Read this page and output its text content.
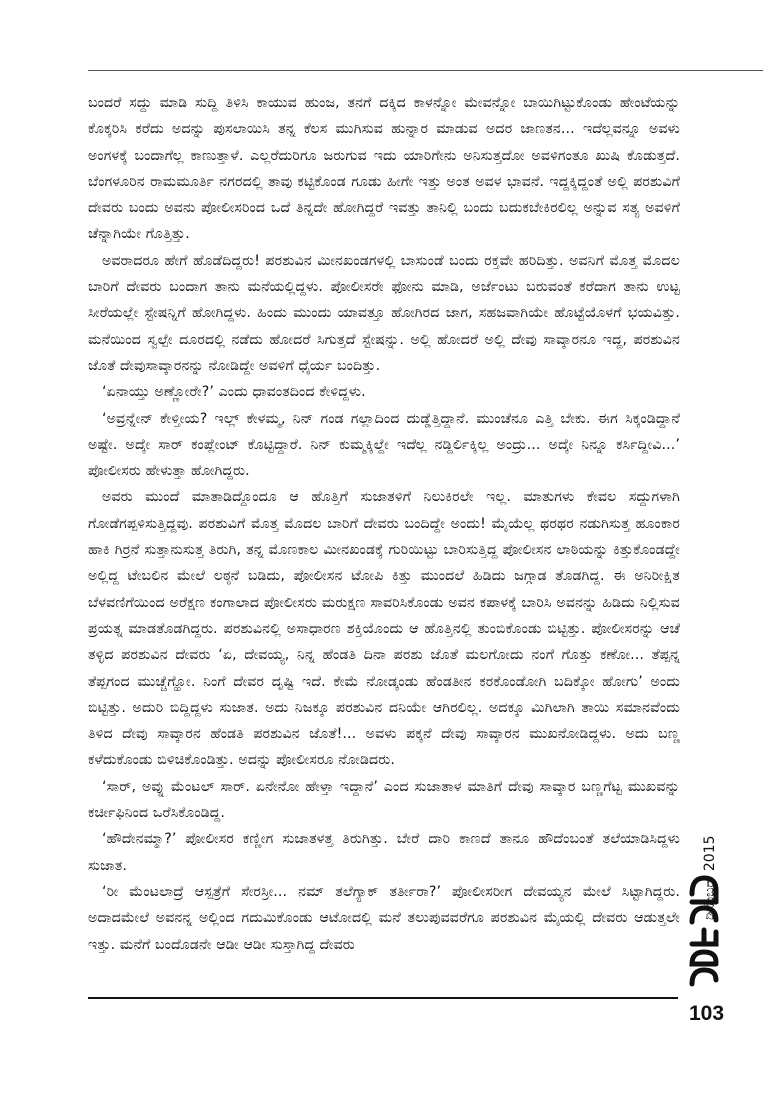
ಬಂದರೆ ಸದ್ದು ಮಾಡಿ ಸುದ್ದಿ ತಿಳಿಸಿ ಕಾಯುವ ಹುಂಜ, ತನಗೆ ದಕ್ಕಿದ ಕಾಳನ್ನೋ ಮೇವನ್ನೋ ಬಾಯಿಗಿಟ್ಟುಕೊಂಡು ಹೇಂಟೆಯನ್ನು ಕೊಕ್ಕರಿಸಿ ಕರೆದು ಅದನ್ನು ಪುಸಲಾಯಿಸಿ ತನ್ನ ಕೆಲಸ ಮುಗಿಸುವ ಹುನ್ನಾರ ಮಾಡುವ ಅದರ ಜಾಣತನ... ಇದೆಲ್ಲವನ್ನೂ ಅವಳು ಅಂಗಳಕ್ಕೆ ಬಂದಾಗೆಲ್ಲ ಕಾಣುತ್ತಾಳೆ. ಎಲ್ಲರೆದುರಿಗೂ ಜರುಗುವ ಇದು ಯಾರಿಗೇನು ಅನಿಸುತ್ತದೋ ಅವಳಿಗಂತೂ ಖುಷಿ ಕೊಡುತ್ತದೆ. ಬೆಂಗಳೂರಿನ ರಾಮಮೂರ್ತಿ ನಗರದಲ್ಲಿ ತಾವು ಕಟ್ಟಿಕೊಂಡ ಗೂಡು ಹೀಗೇ ಇತ್ತು ಅಂತ ಅವಳ ಭಾವನೆ. ಇದ್ದಕ್ಕಿದ್ದಂತೆ ಅಲ್ಲಿ ಪರಶುವಿಗೆ ದೇವರು ಬಂದು ಅವನು ಪೋಲೀಸರಿಂದ ಒದೆ ತಿನ್ನದೇ ಹೋಗಿದ್ದರೆ ಇವತ್ತು ತಾನಿಲ್ಲಿ ಬಂದು ಬದುಕಬೇಕಿರಲಿಲ್ಲ ಅನ್ನುವ ಸತ್ಯ ಅವಳಿಗೆ ಚೆನ್ನಾಗಿಯೇ ಗೊತ್ತಿತ್ತು.

ಅವರಾದರೂ ಹೇಗೆ ಹೊಡೆದಿದ್ದರು! ಪರಶುವಿನ ಮೀನಖಂಡಗಳಲ್ಲಿ ಬಾಸುಂಡೆ ಬಂದು ರಕ್ತವೇ ಹರಿದಿತ್ತು. ಅವನಿಗೆ ಮೊತ್ತ ಮೊದಲ ಬಾರಿಗೆ ದೇವರು ಬಂದಾಗ ತಾನು ಮನೆಯಲ್ಲಿದ್ದಳು. ಪೋಲೀಸರೇ ಫೋನು ಮಾಡಿ, ಅರ್ಜೆಂಟು ಬರುವಂತೆ ಕರೆದಾಗ ತಾನು ಉಟ್ಟ ಸೀರೆಯಲ್ಲೇ ಸ್ಟೇಷನ್ನಿಗೆ ಹೋಗಿದ್ದಳು. ಹಿಂದು ಮುಂದು ಯಾವತ್ತೂ ಹೋಗಿರದ ಜಾಗ, ಸಹಜವಾಗಿಯೇ ಹೊಟ್ಟೆಯೊಳಗೆ ಭಯವಿತ್ತು. ಮನೆಯಿಂದ ಸ್ವಲ್ಪೇ ದೂರದಲ್ಲಿ ನಡೆದು ಹೋದರೆ ಸಿಗುತ್ತದೆ ಸ್ಟೇಷನ್ನು. ಅಲ್ಲಿ ಹೋದರೆ ಅಲ್ಲಿ ದೇವು ಸಾವ್ಕಾರನೂ ಇದ್ದ, ಪರಶುವಿನ ಜೊತೆ ದೇವುಸಾವ್ಕಾರನನ್ನು ನೋಡಿದ್ದೇ ಅವಳಿಗೆ ಧೈರ್ಯ ಬಂದಿತ್ತು.

‘ಏನಾಯ್ತು ಅಣ್ಣೋರೇ?’ ಎಂದು ಧಾವಂತದಿಂದ ಕೇಳಿದ್ದಳು.

‘ಅವ್ರನ್ನೇನ್ ಕೇಳ್ತೀಯ? ಇಲ್ಲ್ ಕೇಳಮ್ಮ, ನಿನ್ ಗಂಡ ಗಲ್ಲಾದಿಂದ ದುಡ್ಡೆತ್ತಿದ್ದಾನೆ. ಮುಂಚೆನೂ ಎತ್ತಿ ಬೇಕು. ಈಗ ಸಿಕ್ಕಂಡಿದ್ದಾನೆ ಅಷ್ಟೇ. ಅದ್ಕೇ ಸಾರ್ ಕಂಪ್ಲೇಂಟ್ ಕೊಟ್ಟಿದ್ದಾರೆ. ನಿನ್ ಕುಮ್ಮಕ್ಕಿಲ್ದೇ ಇದೆಲ್ಲ ನಡ್ದಿರ್ಲಿಕ್ಕಿಲ್ಲ ಅಂದ್ರು... ಅದ್ಕೇ ನಿನ್ನೂ ಕರ್ಸಿದ್ದೀವಿ...’ ಪೋಲೀಸರು ಹೇಳುತ್ತಾ ಹೋಗಿದ್ದರು.

ಅವರು ಮುಂದೆ ಮಾತಾಡಿದ್ದೊಂದೂ ಆ ಹೊತ್ತಿಗೆ ಸುಜಾತಳಿಗೆ ನಿಲುಕಿರಲೇ ಇಲ್ಲ. ಮಾತುಗಳು ಕೇವಲ ಸದ್ದುಗಳಾಗಿ ಗೋಡೆಗಪ್ಪಳಿಸುತ್ತಿದ್ದವು. ಪರಶುವಿಗೆ ಮೊತ್ತ ಮೊದಲ ಬಾರಿಗೆ ದೇವರು ಬಂದಿದ್ದೇ ಅಂದು! ಮೈಯೆಲ್ಲ ಥರಥರ ನಡುಗಿಸುತ್ತ ಹೂಂಕಾರ ಹಾಕಿ ಗಿರ್ರನೆ ಸುತ್ತಾನುಸುತ್ತ ತಿರುಗಿ, ತನ್ನ ಮೊಣಕಾಲ ಮೀನಖಂಡಕ್ಕೆ ಗುರಿಯಿಟ್ಟು ಬಾರಿಸುತ್ತಿದ್ದ ಪೋಲೀಸನ ಲಾಠಿಯನ್ನು ಕಿತ್ತುಕೊಂಡದ್ದೇ ಅಲ್ಲಿದ್ದ ಟೇಬಲಿನ ಮೇಲೆ ಲಠ್ಠನೆ ಬಡಿದು, ಪೋಲೀಸನ ಟೋಪಿ ಕಿತ್ತು ಮುಂದಲೆ ಹಿಡಿದು ಜಗ್ಗಾಡ ತೊಡಗಿದ್ದ. ಈ ಅನಿರೀಕ್ಷಿತ ಬೆಳವಣಿಗೆಯಿಂದ ಅರೆಕ್ಷಣ ಕಂಗಾಲಾದ ಪೋಲೀಸರು ಮರುಕ್ಷಣ ಸಾವರಿಸಿಕೊಂಡು ಅವನ ಕಪಾಳಕ್ಕೆ ಬಾರಿಸಿ ಅವನನ್ನು ಹಿಡಿದು ನಿಲ್ಲಿಸುವ ಪ್ರಯತ್ನ ಮಾಡತೊಡಗಿದ್ದರು. ಪರಶುವಿನಲ್ಲಿ ಅಸಾಧಾರಣ ಶಕ್ತಿಯೊಂದು ಆ ಹೊತ್ತಿನಲ್ಲಿ ತುಂಬಿಕೊಂಡು ಬಿಟ್ಟಿತ್ತು. ಪೋಲೀಸರನ್ನು ಆಚೆ ತಳ್ಳಿದ ಪರಶುವಿನ ದೇವರು ‘ಏ, ದೇವಯ್ಯ, ನಿನ್ನ ಹೆಂಡತಿ ದಿನಾ ಪರಶು ಜೊತೆ ಮಲಗೋದು ನಂಗೆ ಗೊತ್ತು ಕಣೋ... ತೆಪ್ಪನ್ನ ತೆಪ್ಪಗಂದ ಮುಚ್ಚೆಗ್ಹೋ. ನಿಂಗೆ ದೇವರ ದೃಷ್ಟಿ ಇದೆ. ಕೇಮೆ ನೋಡ್ಕಂಡು ಹೆಂಡತೀನ ಕರಕೊಂಡೋಗಿ ಬದಿಕ್ಕೋ ಹೋಗು’ ಅಂದು ಬಿಟ್ಟಿತ್ತು. ಅದುರಿ ಬಿದ್ದಿದ್ದಳು ಸುಜಾತ. ಅದು ನಿಜಕ್ಕೂ ಪರಶುವಿನ ದನಿಯೇ ಆಗಿರಲಿಲ್ಲ. ಅದಕ್ಕೂ ಮಿಗಿಲಾಗಿ ತಾಯಿ ಸಮಾನವೆಂದು ತಿಳಿದ ದೇವು ಸಾವ್ಕಾರನ ಹೆಂಡತಿ ಪರಶುವಿನ ಜೊತೆ!... ಅವಳು ಪಕ್ಕನೆ ದೇವು ಸಾವ್ಕಾರನ ಮುಖನೋಡಿದ್ದಳು. ಅದು ಬಣ್ಣ ಕಳೆದುಕೊಂಡು ಬಿಳಿಚಿಕೊಂಡಿತ್ತು. ಅದನ್ನು ಪೋಲೀಸರೂ ನೋಡಿದರು.

‘ಸಾರ್, ಅವ್ನು ಮೆಂಟಲ್ ಸಾರ್. ಏನೇನೋ ಹೇಳ್ತಾ ಇದ್ದಾನೆ’ ಎಂದ ಸುಜಾತಾಳ ಮಾತಿಗೆ ದೇವು ಸಾವ್ಕಾರ ಬಣ್ಣಗೆಟ್ಟ ಮುಖವನ್ನು ಕರ್ಚೀಫಿನಿಂದ ಒರೆಸಿಕೊಂಡಿದ್ದ.

‘ಹೌದೇನಮ್ಮಾ?’ ಪೋಲೀಸರ ಕಣ್ಣೀಗ ಸುಜಾತಳತ್ತ ತಿರುಗಿತ್ತು. ಬೇರೆ ದಾರಿ ಕಾಣದೆ ತಾನೂ ಹೌದೆಂಬಂತೆ ತಲೆಯಾಡಿಸಿದ್ದಳು ಸುಜಾತ.

‘ರೀ ಮೆಂಟಲಾದ್ರೆ ಆಸ್ಪತ್ರೆಗೆ ಸೇರಸ್ರೀ... ನಮ್ ತಲೆಗ್ಯಾಕ್ ತರ್ತೀರಾ?’ ಪೋಲೀಸರೀಗ ದೇವಯ್ಯನ ಮೇಲೆ ಸಿಟ್ಟಾಗಿದ್ದರು. ಅದಾದಮೇಲೆ ಅವನನ್ನ ಅಲ್ಲಿಂದ ಗದುಮಿಕೊಂಡು ಆಟೋದಲ್ಲಿ ಮನೆ ತಲುಪುವವರೆಗೂ ಪರಶುವಿನ ಮೈಯಲ್ಲಿ ದೇವರು ಆಡುತ್ತಲೇ ಇತ್ತು. ಮನೆಗೆ ಬಂದೊಡನೇ ಆಡೀ ಆಡೀ ಸುಸ್ತಾಗಿದ್ದ ದೇವರು

ಡಿಸೆಂಬರ್ 2015
103
